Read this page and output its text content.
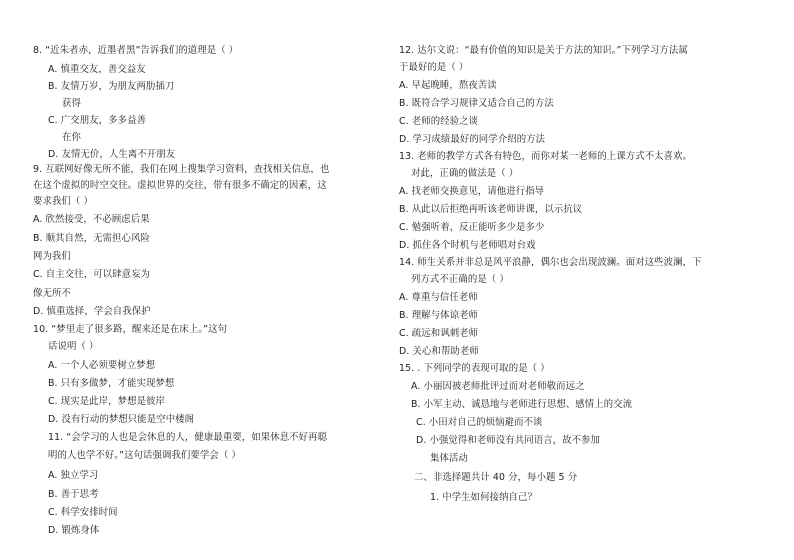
8. “近朱者赤，近墨者黑”告诉我们的道理是（ ）
A. 慎重交友，善交益友
B. 友情万岁，为朋友两肋插刀
获得
C. 广交朋友，多多益善
在你
D. 友情无价，人生离不开朋友
9. 互联网好像无所不能，我们在网上搜集学习资料，查找相关信息，也
在这个虚拟的时空交往。虚拟世界的交往，带有很多不确定的因素，这
要求我们（ ）
A. 欣然接受，不必顾虑后果
B. 顺其自然，无需担心风险
网为我们
C. 自主交往，可以肆意妄为
像无所不
D. 慎重选择，学会自我保护
10. “梦里走了很多路，醒来还是在床上。”这句
话说明（ ）
A. 一个人必须要树立梦想
B. 只有多做梦，才能实现梦想
C. 现实是此岸，梦想是彼岸
D. 没有行动的梦想只能是空中楼阁
11. “会学习的人也是会休息的人，健康最重要，如果休息不好再聪
明的人也学不好。”这句话强调我们要学会（ ）
A. 独立学习
B. 善于思考
C. 科学安排时间
D. 锻炼身体
12. 达尔文说：“最有价值的知识是关于方法的知识。”下列学习方法属
于最好的是（ ）
A. 早起晚睡，熬夜苦读
B. 既符合学习规律又适合自己的方法
C. 老师的经验之谈
D. 学习成绩最好的同学介绍的方法
13. 老师的教学方式各有特色，而你对某一老师的上课方式不太喜欢。
对此，正确的做法是（ ）
A. 找老师交换意见，请他进行指导
B. 从此以后拒绝再听该老师讲课，以示抗议
C. 勉强听着，反正能听多少是多少
D. 抓住各个时机与老师唱对台戏
14. 师生关系并非总是风平浪静，偶尔也会出现波澜。面对这些波澜，下
列方式不正确的是（ ）
A. 尊重与信任老师
B. 理解与体谅老师
C. 疏远和讽刺老师
D. 关心和帮助老师
15. . 下列同学的表现可取的是（ ）
A. 小丽因被老师批评过而对老师敬而远之
B. 小军主动、诚恳地与老师进行思想、感情上的交流
C. 小田对自己的烦恼避而不谈
D. 小强觉得和老师没有共同语言，故不参加
集体活动
二、非选择题共计 40 分，每小题 5 分
1. 中学生如何接纳自己？
